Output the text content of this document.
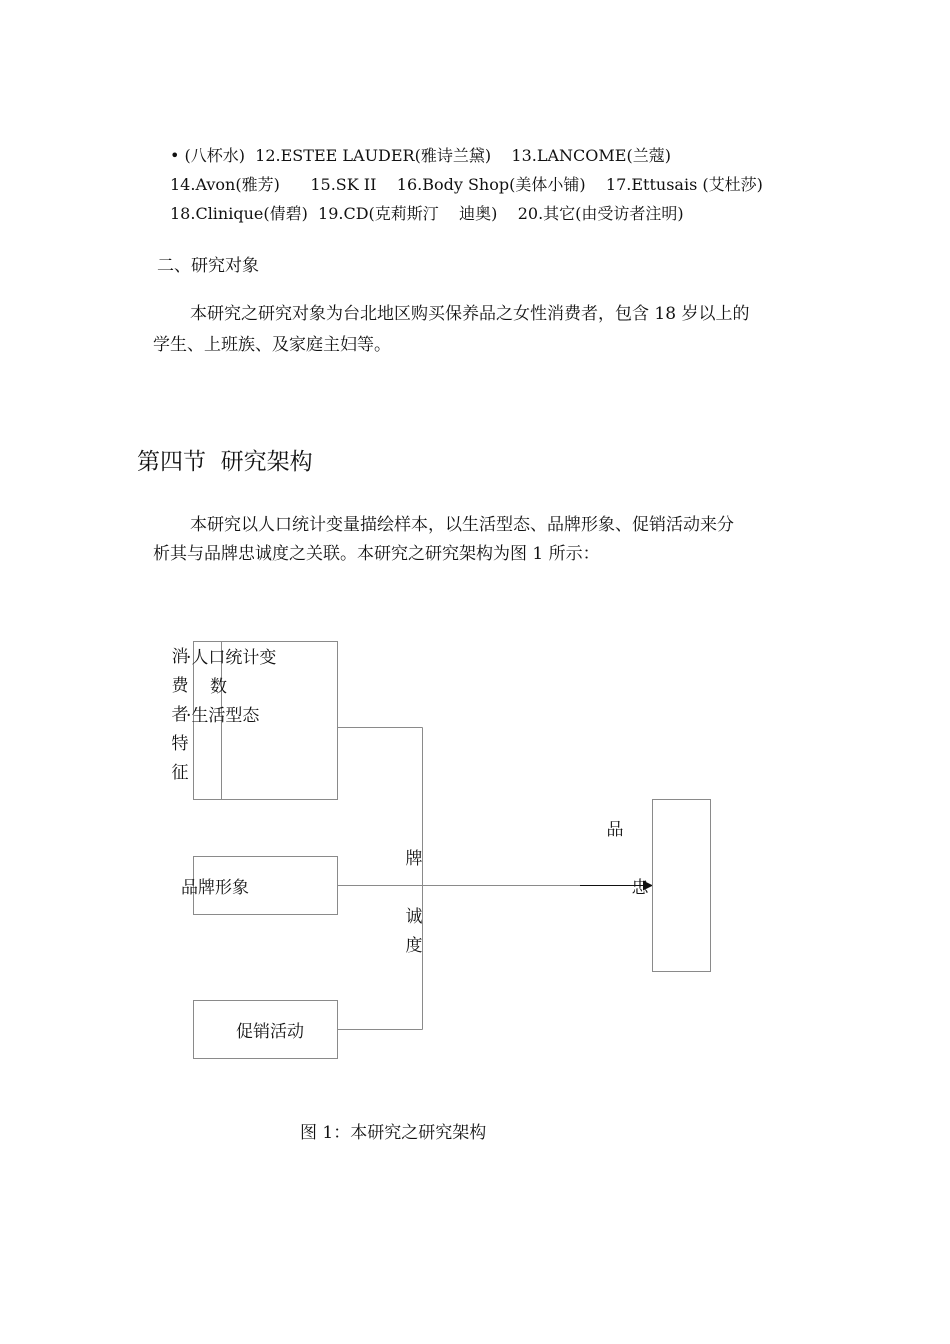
• (八杯水)  12.ESTEE LAUDER(雅诗兰黛)    13.LANCOME(兰蔻)
14.Avon(雅芳)      15.SK II    16.Body Shop(美体小铺)    17.Ettusais (艾杜莎)
18.Clinique(倩碧)  19.CD(克莉斯汀    迪奥)    20.其它(由受访者注明)
二、研究对象
本研究之研究对象为台北地区购买保养品之女性消费者，包含 18 岁以上的
学生、上班族、及家庭主妇等。
第四节  研究架构
本研究以人口统计变量描绘样本，以生活型态、品牌形象、促销活动来分
析其与品牌忠诚度之关联。本研究之研究架构为图 1 所示：
消
费
者
特
征
·人口统计变
数
·生活型态
品牌形象
促销活动
品
牌
忠
诚
度
图 1：本研究之研究架构
